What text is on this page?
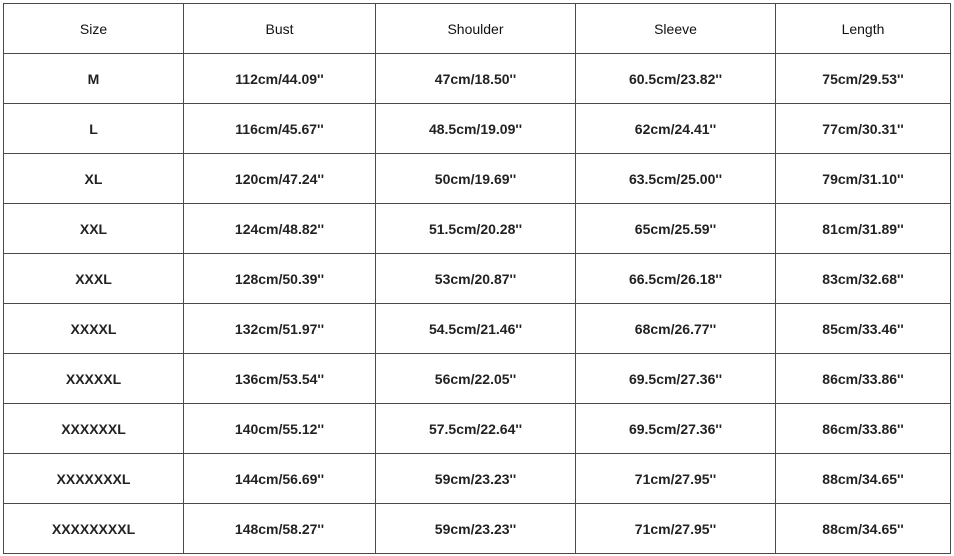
Size	Bust	Shoulder	Sleeve	Length
M	112cm/44.09''	47cm/18.50''	60.5cm/23.82''	75cm/29.53''
L	116cm/45.67''	48.5cm/19.09''	62cm/24.41''	77cm/30.31''
XL	120cm/47.24''	50cm/19.69''	63.5cm/25.00''	79cm/31.10''
XXL	124cm/48.82''	51.5cm/20.28''	65cm/25.59''	81cm/31.89''
XXXL	128cm/50.39''	53cm/20.87''	66.5cm/26.18''	83cm/32.68''
XXXXL	132cm/51.97''	54.5cm/21.46''	68cm/26.77''	85cm/33.46''
XXXXXL	136cm/53.54''	56cm/22.05''	69.5cm/27.36''	86cm/33.86''
XXXXXXL	140cm/55.12''	57.5cm/22.64''	69.5cm/27.36''	86cm/33.86''
XXXXXXXL	144cm/56.69''	59cm/23.23''	71cm/27.95''	88cm/34.65''
XXXXXXXXL	148cm/58.27''	59cm/23.23''	71cm/27.95''	88cm/34.65''
